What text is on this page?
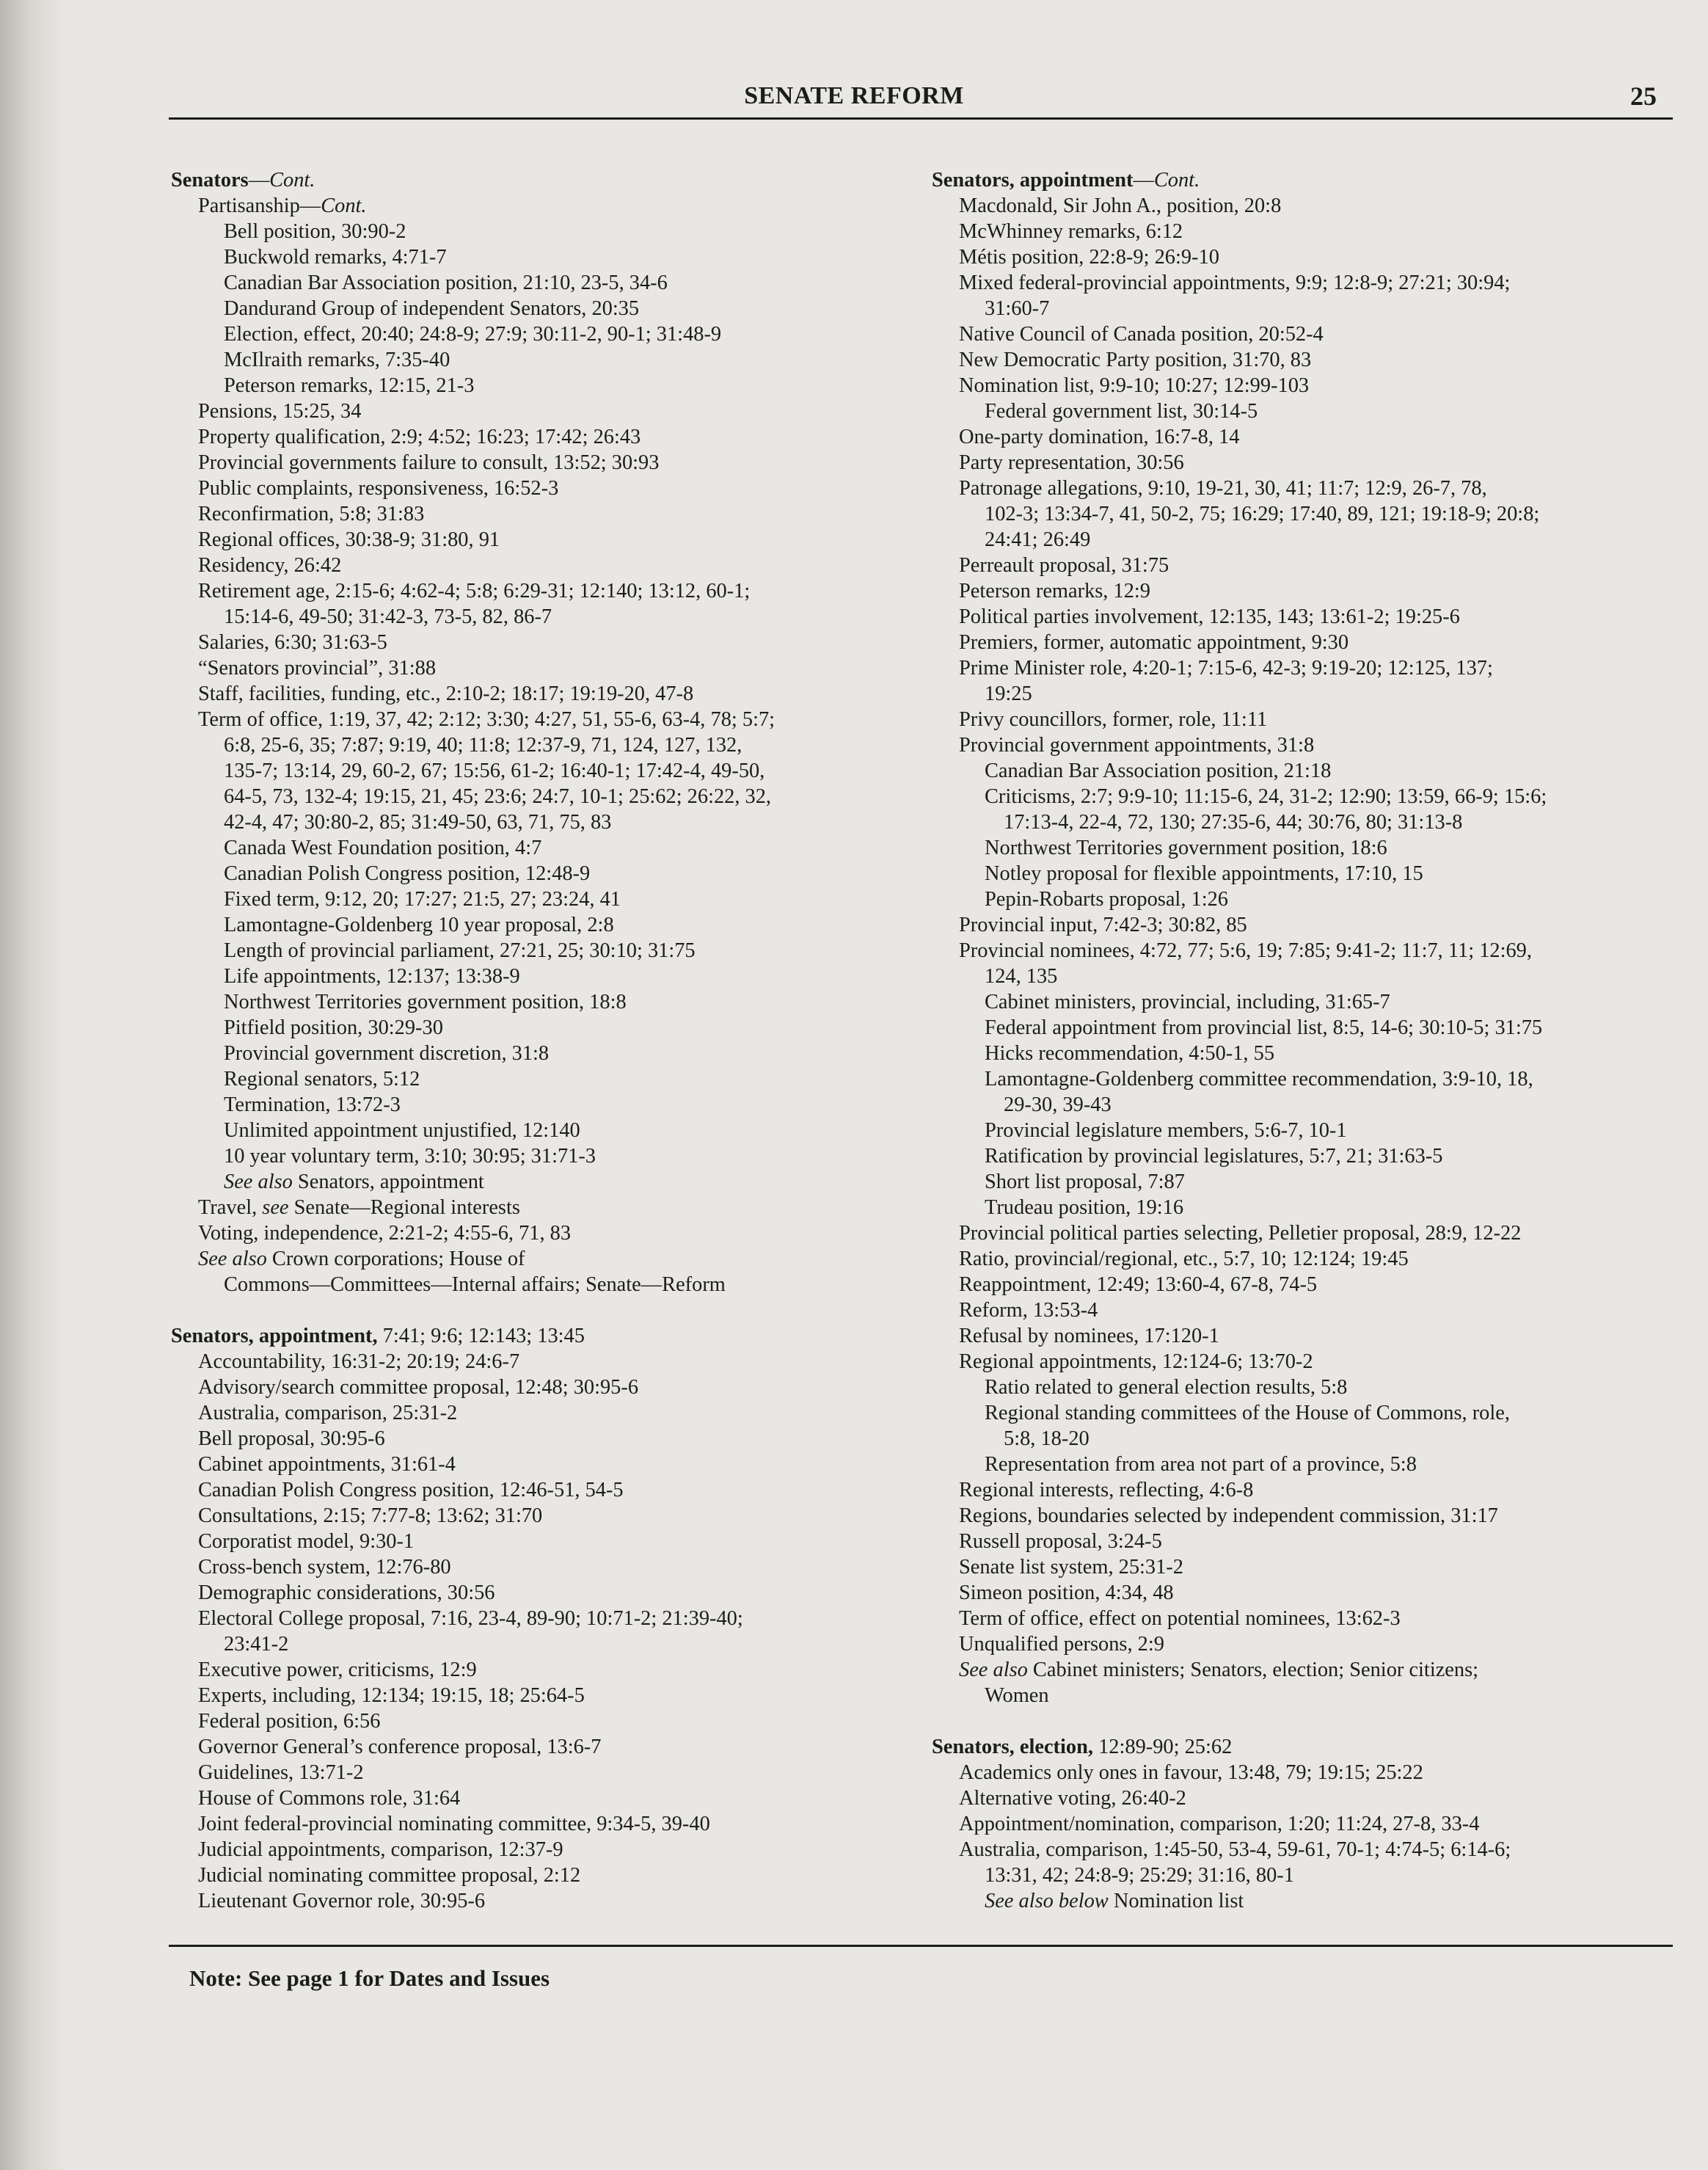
SENATE REFORM	25
Senators—Cont.
Partisanship—Cont.
Bell position, 30:90-2
Buckwold remarks, 4:71-7
Canadian Bar Association position, 21:10, 23-5, 34-6
Dandurand Group of independent Senators, 20:35
Election, effect, 20:40; 24:8-9; 27:9; 30:11-2, 90-1; 31:48-9
McIlraith remarks, 7:35-40
Peterson remarks, 12:15, 21-3
Pensions, 15:25, 34
Property qualification, 2:9; 4:52; 16:23; 17:42; 26:43
Provincial governments failure to consult, 13:52; 30:93
Public complaints, responsiveness, 16:52-3
Reconfirmation, 5:8; 31:83
Regional offices, 30:38-9; 31:80, 91
Residency, 26:42
Retirement age, 2:15-6; 4:62-4; 5:8; 6:29-31; 12:140; 13:12, 60-1;
15:14-6, 49-50; 31:42-3, 73-5, 82, 86-7
Salaries, 6:30; 31:63-5
“Senators provincial”, 31:88
Staff, facilities, funding, etc., 2:10-2; 18:17; 19:19-20, 47-8
Term of office, 1:19, 37, 42; 2:12; 3:30; 4:27, 51, 55-6, 63-4, 78; 5:7;
6:8, 25-6, 35; 7:87; 9:19, 40; 11:8; 12:37-9, 71, 124, 127, 132,
135-7; 13:14, 29, 60-2, 67; 15:56, 61-2; 16:40-1; 17:42-4, 49-50,
64-5, 73, 132-4; 19:15, 21, 45; 23:6; 24:7, 10-1; 25:62; 26:22, 32,
42-4, 47; 30:80-2, 85; 31:49-50, 63, 71, 75, 83
Canada West Foundation position, 4:7
Canadian Polish Congress position, 12:48-9
Fixed term, 9:12, 20; 17:27; 21:5, 27; 23:24, 41
Lamontagne-Goldenberg 10 year proposal, 2:8
Length of provincial parliament, 27:21, 25; 30:10; 31:75
Life appointments, 12:137; 13:38-9
Northwest Territories government position, 18:8
Pitfield position, 30:29-30
Provincial government discretion, 31:8
Regional senators, 5:12
Termination, 13:72-3
Unlimited appointment unjustified, 12:140
10 year voluntary term, 3:10; 30:95; 31:71-3
See also Senators, appointment
Travel, see Senate—Regional interests
Voting, independence, 2:21-2; 4:55-6, 71, 83
See also Crown corporations; House of
Commons—Committees—Internal affairs; Senate—Reform
Senators, appointment, 7:41; 9:6; 12:143; 13:45
Accountability, 16:31-2; 20:19; 24:6-7
Advisory/search committee proposal, 12:48; 30:95-6
Australia, comparison, 25:31-2
Bell proposal, 30:95-6
Cabinet appointments, 31:61-4
Canadian Polish Congress position, 12:46-51, 54-5
Consultations, 2:15; 7:77-8; 13:62; 31:70
Corporatist model, 9:30-1
Cross-bench system, 12:76-80
Demographic considerations, 30:56
Electoral College proposal, 7:16, 23-4, 89-90; 10:71-2; 21:39-40;
23:41-2
Executive power, criticisms, 12:9
Experts, including, 12:134; 19:15, 18; 25:64-5
Federal position, 6:56
Governor General’s conference proposal, 13:6-7
Guidelines, 13:71-2
House of Commons role, 31:64
Joint federal-provincial nominating committee, 9:34-5, 39-40
Judicial appointments, comparison, 12:37-9
Judicial nominating committee proposal, 2:12
Lieutenant Governor role, 30:95-6
Senators, appointment—Cont.
Macdonald, Sir John A., position, 20:8
McWhinney remarks, 6:12
Métis position, 22:8-9; 26:9-10
Mixed federal-provincial appointments, 9:9; 12:8-9; 27:21; 30:94;
31:60-7
Native Council of Canada position, 20:52-4
New Democratic Party position, 31:70, 83
Nomination list, 9:9-10; 10:27; 12:99-103
Federal government list, 30:14-5
One-party domination, 16:7-8, 14
Party representation, 30:56
Patronage allegations, 9:10, 19-21, 30, 41; 11:7; 12:9, 26-7, 78,
102-3; 13:34-7, 41, 50-2, 75; 16:29; 17:40, 89, 121; 19:18-9; 20:8;
24:41; 26:49
Perreault proposal, 31:75
Peterson remarks, 12:9
Political parties involvement, 12:135, 143; 13:61-2; 19:25-6
Premiers, former, automatic appointment, 9:30
Prime Minister role, 4:20-1; 7:15-6, 42-3; 9:19-20; 12:125, 137;
19:25
Privy councillors, former, role, 11:11
Provincial government appointments, 31:8
Canadian Bar Association position, 21:18
Criticisms, 2:7; 9:9-10; 11:15-6, 24, 31-2; 12:90; 13:59, 66-9; 15:6;
17:13-4, 22-4, 72, 130; 27:35-6, 44; 30:76, 80; 31:13-8
Northwest Territories government position, 18:6
Notley proposal for flexible appointments, 17:10, 15
Pepin-Robarts proposal, 1:26
Provincial input, 7:42-3; 30:82, 85
Provincial nominees, 4:72, 77; 5:6, 19; 7:85; 9:41-2; 11:7, 11; 12:69,
124, 135
Cabinet ministers, provincial, including, 31:65-7
Federal appointment from provincial list, 8:5, 14-6; 30:10-5; 31:75
Hicks recommendation, 4:50-1, 55
Lamontagne-Goldenberg committee recommendation, 3:9-10, 18,
29-30, 39-43
Provincial legislature members, 5:6-7, 10-1
Ratification by provincial legislatures, 5:7, 21; 31:63-5
Short list proposal, 7:87
Trudeau position, 19:16
Provincial political parties selecting, Pelletier proposal, 28:9, 12-22
Ratio, provincial/regional, etc., 5:7, 10; 12:124; 19:45
Reappointment, 12:49; 13:60-4, 67-8, 74-5
Reform, 13:53-4
Refusal by nominees, 17:120-1
Regional appointments, 12:124-6; 13:70-2
Ratio related to general election results, 5:8
Regional standing committees of the House of Commons, role,
5:8, 18-20
Representation from area not part of a province, 5:8
Regional interests, reflecting, 4:6-8
Regions, boundaries selected by independent commission, 31:17
Russell proposal, 3:24-5
Senate list system, 25:31-2
Simeon position, 4:34, 48
Term of office, effect on potential nominees, 13:62-3
Unqualified persons, 2:9
See also Cabinet ministers; Senators, election; Senior citizens;
Women
Senators, election, 12:89-90; 25:62
Academics only ones in favour, 13:48, 79; 19:15; 25:22
Alternative voting, 26:40-2
Appointment/nomination, comparison, 1:20; 11:24, 27-8, 33-4
Australia, comparison, 1:45-50, 53-4, 59-61, 70-1; 4:74-5; 6:14-6;
13:31, 42; 24:8-9; 25:29; 31:16, 80-1
See also below Nomination list
Note: See page 1 for Dates and Issues
